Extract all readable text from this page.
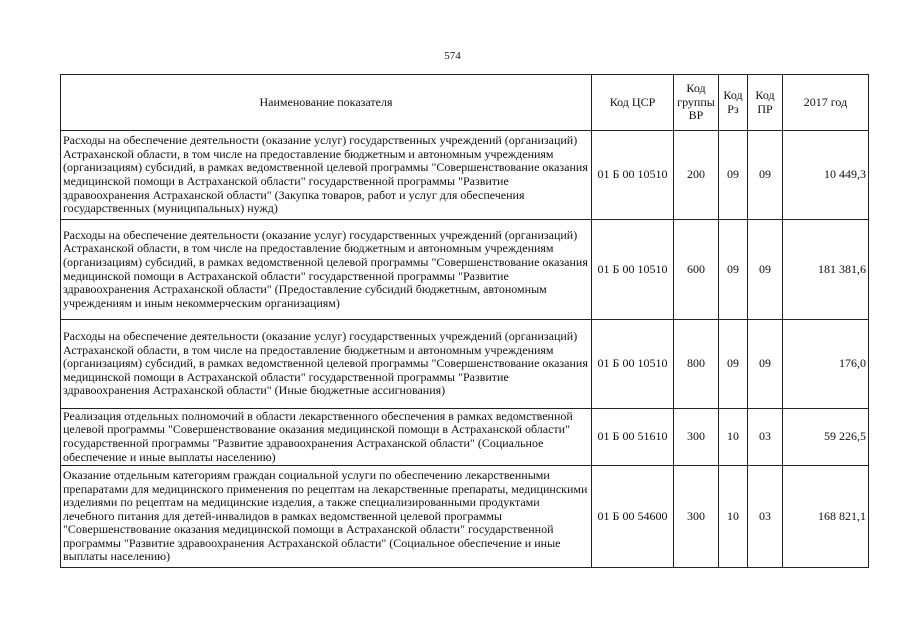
574
Наименование показателя	Код ЦСР	Код группы ВР	Код Рз	Код ПР	2017 год
Расходы на обеспечение деятельности (оказание услуг) государственных учреждений (организаций) Астраханской области, в том числе на предоставление бюджетным и автономным учреждениям (организациям) субсидий, в рамках ведомственной целевой программы "Совершенствование оказания медицинской помощи в Астраханской области" государственной программы "Развитие здравоохранения Астраханской области" (Закупка товаров, работ и услуг для обеспечения государственных (муниципальных) нужд)	01 Б 00 10510	200	09	09	10 449,3
Расходы на обеспечение деятельности (оказание услуг) государственных учреждений (организаций) Астраханской области, в том числе на предоставление бюджетным и автономным учреждениям (организациям) субсидий, в рамках ведомственной целевой программы "Совершенствование оказания медицинской помощи в Астраханской области" государственной программы "Развитие здравоохранения Астраханской области" (Предоставление субсидий бюджетным, автономным учреждениям и иным некоммерческим организациям)	01 Б 00 10510	600	09	09	181 381,6
Расходы на обеспечение деятельности (оказание услуг) государственных учреждений (организаций) Астраханской области, в том числе на предоставление бюджетным и автономным учреждениям (организациям) субсидий, в рамках ведомственной целевой программы "Совершенствование оказания медицинской помощи в Астраханской области" государственной программы "Развитие здравоохранения Астраханской области" (Иные бюджетные ассигнования)	01 Б 00 10510	800	09	09	176,0
Реализация отдельных полномочий в области лекарственного обеспечения в рамках ведомственной целевой программы "Совершенствование оказания медицинской помощи в Астраханской области" государственной программы "Развитие здравоохранения Астраханской области" (Социальное обеспечение и иные выплаты населению)	01 Б 00 51610	300	10	03	59 226,5
Оказание отдельным категориям граждан социальной услуги по обеспечению лекарственными препаратами для медицинского применения по рецептам на лекарственные препараты, медицинскими изделиями по рецептам на медицинские изделия, а также специализированными продуктами лечебного питания для детей-инвалидов в рамках ведомственной целевой программы "Совершенствование оказания медицинской помощи в Астраханской области" государственной программы "Развитие здравоохранения Астраханской области" (Социальное обеспечение и иные выплаты населению)	01 Б 00 54600	300	10	03	168 821,1
